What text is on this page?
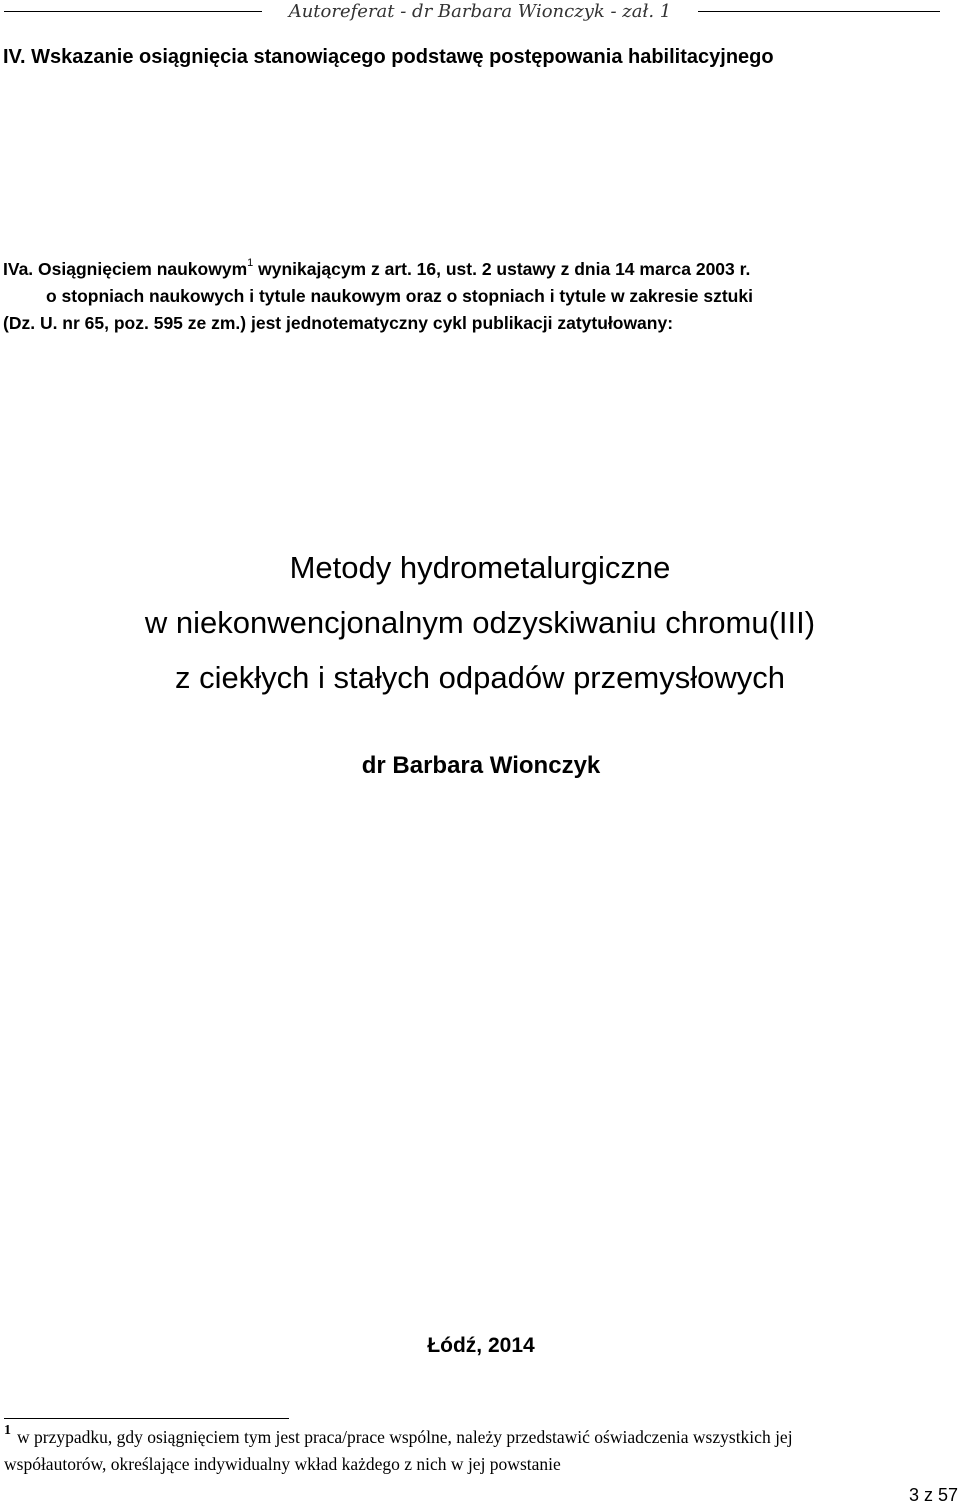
Autoreferat - dr Barbara Wionczyk - zał. 1
IV. Wskazanie osiągnięcia stanowiącego podstawę postępowania habilitacyjnego
IVa. Osiągnięciem naukowym$^1$ wynikającym z art. 16, ust. 2 ustawy z dnia 14 marca 2003 r.
o stopniach naukowych i tytule naukowym oraz o stopniach i tytule w zakresie sztuki
(Dz. U. nr 65, poz. 595 ze zm.) jest jednotematyczny cykl publikacji zatytułowany:
Metody hydrometalurgiczne
w niekonwencjonalnym odzyskiwaniu chromu(III)
z ciekłych i stałych odpadów przemysłowych
dr Barbara Wionczyk
Łódź, 2014
$^1$ w przypadku, gdy osiągnięciem tym jest praca/prace wspólne, należy przedstawić oświadczenia wszystkich jej
współautorów, określające indywidualny wkład każdego z nich w jej powstanie
3 z 57
